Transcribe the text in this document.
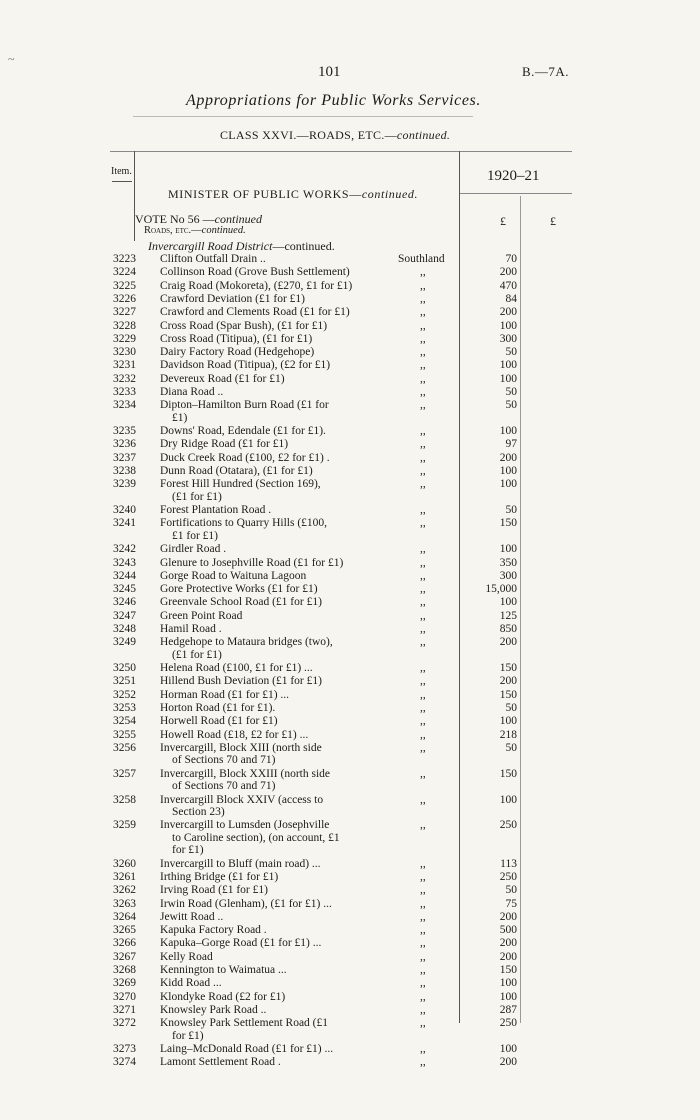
~
101	B.—7A.
Appropriations for Public Works Services.
CLASS XXVI.—ROADS, ETC.—continued.
Item.	1920–21
MINISTER OF PUBLIC WORKS—continued.
VOTE No 56 —continued
Roads, etc.—continued.
Invercargill Road District—continued.
£	£
3223 Clifton Outfall Drain ..	Southland	70
3224 Collinson Road (Grove Bush Settlement)	,,	200
3225 Craig Road (Mokoreta), (£270, £1 for £1)	,,	470
3226 Crawford Deviation (£1 for £1)	,,	84
3227 Crawford and Clements Road (£1 for £1)	,,	200
3228 Cross Road (Spar Bush), (£1 for £1)	,,	100
3229 Cross Road (Titipua), (£1 for £1)	,,	300
3230 Dairy Factory Road (Hedgehope)	,,	50
3231 Davidson Road (Titipua), (£2 for £1)	,,	100
3232 Devereux Road (£1 for £1)	,,	100
3233 Diana Road ..	,,	50
3234 Dipton–Hamilton Burn Road (£1 for
£1)
,,	50
3235 Downs' Road, Edendale (£1 for £1).	,,	100
3236 Dry Ridge Road (£1 for £1)	,,	97
3237 Duck Creek Road (£100, £2 for £1) .	,,	200
3238 Dunn Road (Otatara), (£1 for £1)	,,	100
3239 Forest Hill Hundred (Section 169),
(£1 for £1)
,,	100
3240 Forest Plantation Road .	,,	50
3241 Fortifications to Quarry Hills (£100,
£1 for £1)
,,	150
3242 Girdler Road .	,,	100
3243 Glenure to Josephville Road (£1 for £1)	,,	350
3244 Gorge Road to Waituna Lagoon	,,	300
3245 Gore Protective Works (£1 for £1)	,,	15,000
3246 Greenvale School Road (£1 for £1)	,,	100
3247 Green Point Road	,,	125
3248 Hamil Road .	,,	850
3249 Hedgehope to Mataura bridges (two),
(£1 for £1)
,,	200
3250 Helena Road (£100, £1 for £1) ...	,,	150
3251 Hillend Bush Deviation (£1 for £1)	,,	200
3252 Horman Road (£1 for £1) ...	,,	150
3253 Horton Road (£1 for £1).	,,	50
3254 Horwell Road (£1 for £1)	,,	100
3255 Howell Road (£18, £2 for £1) ...	,,	218
3256 Invercargill, Block XIII (north side
of Sections 70 and 71)
,,	50
3257 Invercargill, Block XXIII (north side
of Sections 70 and 71)
,,	150
3258 Invercargill Block XXIV (access to
Section 23)
,,	100
3259 Invercargill to Lumsden (Josephville
to Caroline section), (on account, £1
for £1)
,,	250
3260 Invercargill to Bluff (main road) ...	,,	113
3261 Irthing Bridge (£1 for £1)	,,	250
3262 Irving Road (£1 for £1)	,,	50
3263 Irwin Road (Glenham), (£1 for £1) ...	,,	75
3264 Jewitt Road ..	,,	200
3265 Kapuka Factory Road .	,,	500
3266 Kapuka–Gorge Road (£1 for £1) ...	,,	200
3267 Kelly Road	,,	200
3268 Kennington to Waimatua ...	,,	150
3269 Kidd Road ...	,,	100
3270 Klondyke Road (£2 for £1)	,,	100
3271 Knowsley Park Road ..	,,	287
3272 Knowsley Park Settlement Road (£1
for £1)
,,	250
3273 Laing–McDonald Road (£1 for £1) ...	,,	100
3274 Lamont Settlement Road .	,,	200
